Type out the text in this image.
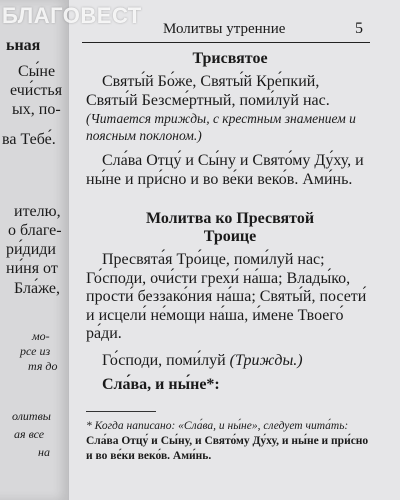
ьная
Сы́не
ечи́стья
ых, по-
ва Тебе́.
ителю,
о благе-
ри́диди
ни́ня от
Бла́же,
мо-
рсе из
тя до
олитвы
ая все
на
БЛАГОВЕСТ
Молитвы утренние	5

Трисвятое

Святы́й Бо́же, Святы́й Кре́пкий, Святы́й Безсме́ртный, поми́луй нас.

(Читается трижды, с крестным знамением и поясным поклоном.)

Сла́ва Отцу́ и Сы́ну и Свято́му Ду́ху, и ны́не и при́сно и во ве́ки веко́в. Ами́нь.

Молитва ко Пресвятой

Троице

Пресвята́я Тро́ице, поми́луй нас; Го́споди, очи́сти грехи́ на́ша; Влады́ко, прости́ беззако́ния на́ша; Святы́й, посети́ и исцели́ не́мощи на́ша, и́мене Твоего́ ра́ди.

Го́споди, поми́луй (Трижды.)

Сла́ва, и ны́не*:

* Когда написано: «Сла́ва, и ны́не», следует чита́ть: Сла́ва Отцу́ и Сы́ну, и Свято́му Ду́ху, и ны́не и при́сно и во ве́ки веко́в. Ами́нь.
